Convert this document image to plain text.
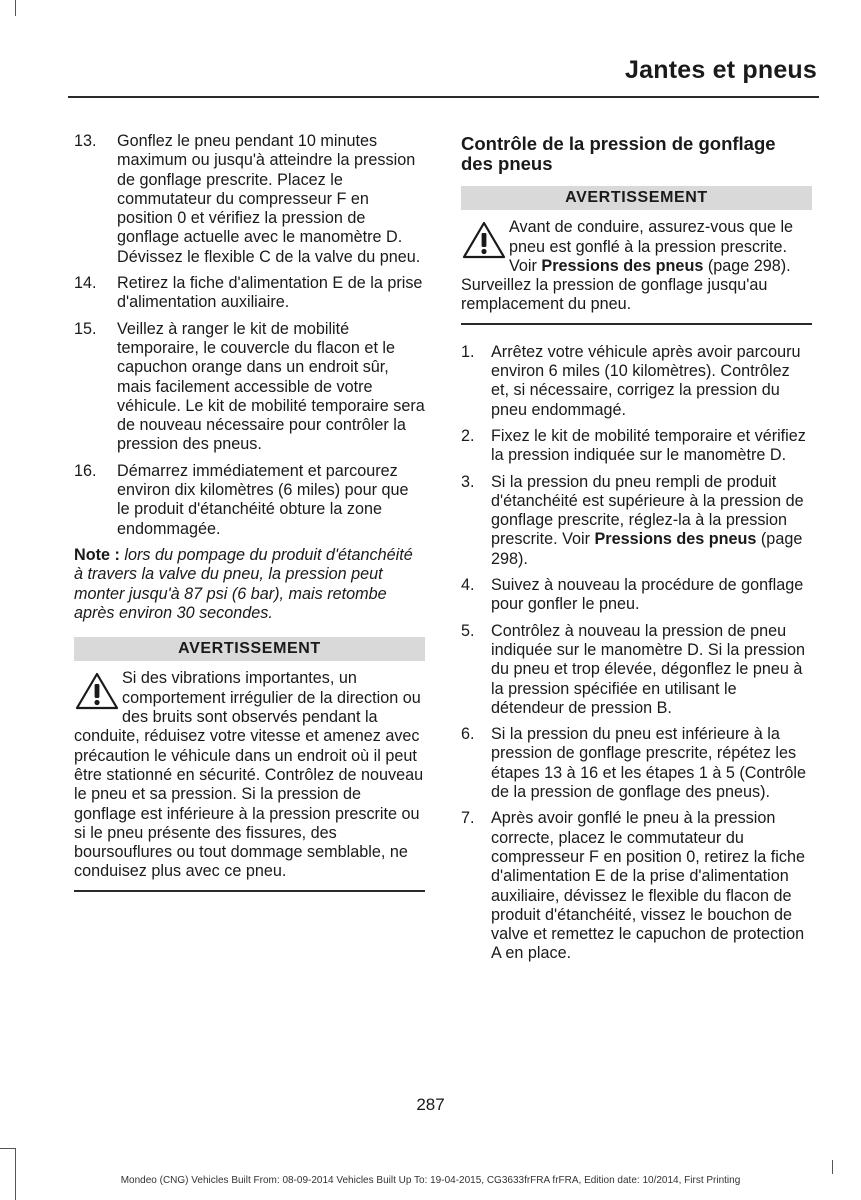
Jantes et pneus
13.	Gonflez le pneu pendant 10 minutes maximum ou jusqu'à atteindre la pression de gonflage prescrite. Placez le commutateur du compresseur F en position 0 et vérifiez la pression de gonflage actuelle avec le manomètre D. Dévissez le flexible C de la valve du pneu.
14.	Retirez la fiche d'alimentation E de la prise d'alimentation auxiliaire.
15.	Veillez à ranger le kit de mobilité temporaire, le couvercle du flacon et le capuchon orange dans un endroit sûr, mais facilement accessible de votre véhicule. Le kit de mobilité temporaire sera de nouveau nécessaire pour contrôler la pression des pneus.
16.	Démarrez immédiatement et parcourez environ dix kilomètres (6 miles) pour que le produit d'étanchéité obture la zone endommagée.

Note : lors du pompage du produit d'étanchéité à travers la valve du pneu, la pression peut monter jusqu'à 87 psi (6 bar), mais retombe après environ 30 secondes.

AVERTISSEMENT
Si des vibrations importantes, un comportement irrégulier de la direction ou des bruits sont observés pendant la conduite, réduisez votre vitesse et amenez avec précaution le véhicule dans un endroit où il peut être stationné en sécurité. Contrôlez de nouveau le pneu et sa pression. Si la pression de gonflage est inférieure à la pression prescrite ou si le pneu présente des fissures, des boursouflures ou tout dommage semblable, ne conduisez plus avec ce pneu.
Contrôle de la pression de gonflage des pneus
AVERTISSEMENT
Avant de conduire, assurez-vous que le pneu est gonflé à la pression prescrite. Voir Pressions des pneus (page 298). Surveillez la pression de gonflage jusqu'au remplacement du pneu.
1.	Arrêtez votre véhicule après avoir parcouru environ 6 miles (10 kilomètres). Contrôlez et, si nécessaire, corrigez la pression du pneu endommagé.
2.	Fixez le kit de mobilité temporaire et vérifiez la pression indiquée sur le manomètre D.
3.	Si la pression du pneu rempli de produit d'étanchéité est supérieure à la pression de gonflage prescrite, réglez-la à la pression prescrite. Voir Pressions des pneus (page 298).
4.	Suivez à nouveau la procédure de gonflage pour gonfler le pneu.
5.	Contrôlez à nouveau la pression de pneu indiquée sur le manomètre D. Si la pression du pneu et trop élevée, dégonflez le pneu à la pression spécifiée en utilisant le détendeur de pression B.
6.	Si la pression du pneu est inférieure à la pression de gonflage prescrite, répétez les étapes 13 à 16 et les étapes 1 à 5 (Contrôle de la pression de gonflage des pneus).
7.	Après avoir gonflé le pneu à la pression correcte, placez le commutateur du compresseur F en position 0, retirez la fiche d'alimentation E de la prise d'alimentation auxiliaire, dévissez le flexible du flacon de produit d'étanchéité, vissez le bouchon de valve et remettez le capuchon de protection A en place.
287
Mondeo (CNG) Vehicles Built From: 08-09-2014 Vehicles Built Up To: 19-04-2015, CG3633frFRA frFRA, Edition date: 10/2014, First Printing
